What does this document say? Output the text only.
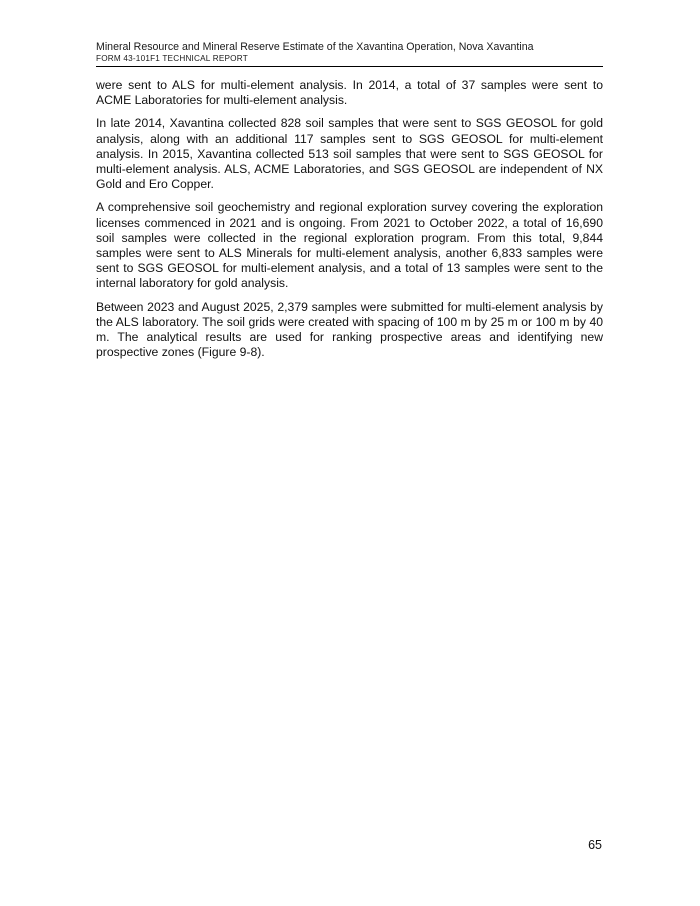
Mineral Resource and Mineral Reserve Estimate of the Xavantina Operation, Nova Xavantina
FORM 43-101F1 TECHNICAL REPORT

were sent to ALS for multi-element analysis. In 2014, a total of 37 samples were sent to ACME Laboratories for multi-element analysis.

In late 2014, Xavantina collected 828 soil samples that were sent to SGS GEOSOL for gold analysis, along with an additional 117 samples sent to SGS GEOSOL for multi-element analysis. In 2015, Xavantina collected 513 soil samples that were sent to SGS GEOSOL for multi-element analysis. ALS, ACME Laboratories, and SGS GEOSOL are independent of NX Gold and Ero Copper.

A comprehensive soil geochemistry and regional exploration survey covering the exploration licenses commenced in 2021 and is ongoing. From 2021 to October 2022, a total of 16,690 soil samples were collected in the regional exploration program. From this total, 9,844 samples were sent to ALS Minerals for multi-element analysis, another 6,833 samples were sent to SGS GEOSOL for multi-element analysis, and a total of 13 samples were sent to the internal laboratory for gold analysis.

Between 2023 and August 2025, 2,379 samples were submitted for multi-element analysis by the ALS laboratory. The soil grids were created with spacing of 100 m by 25 m or 100 m by 40 m. The analytical results are used for ranking prospective areas and identifying new prospective zones (Figure 9-8).

65
